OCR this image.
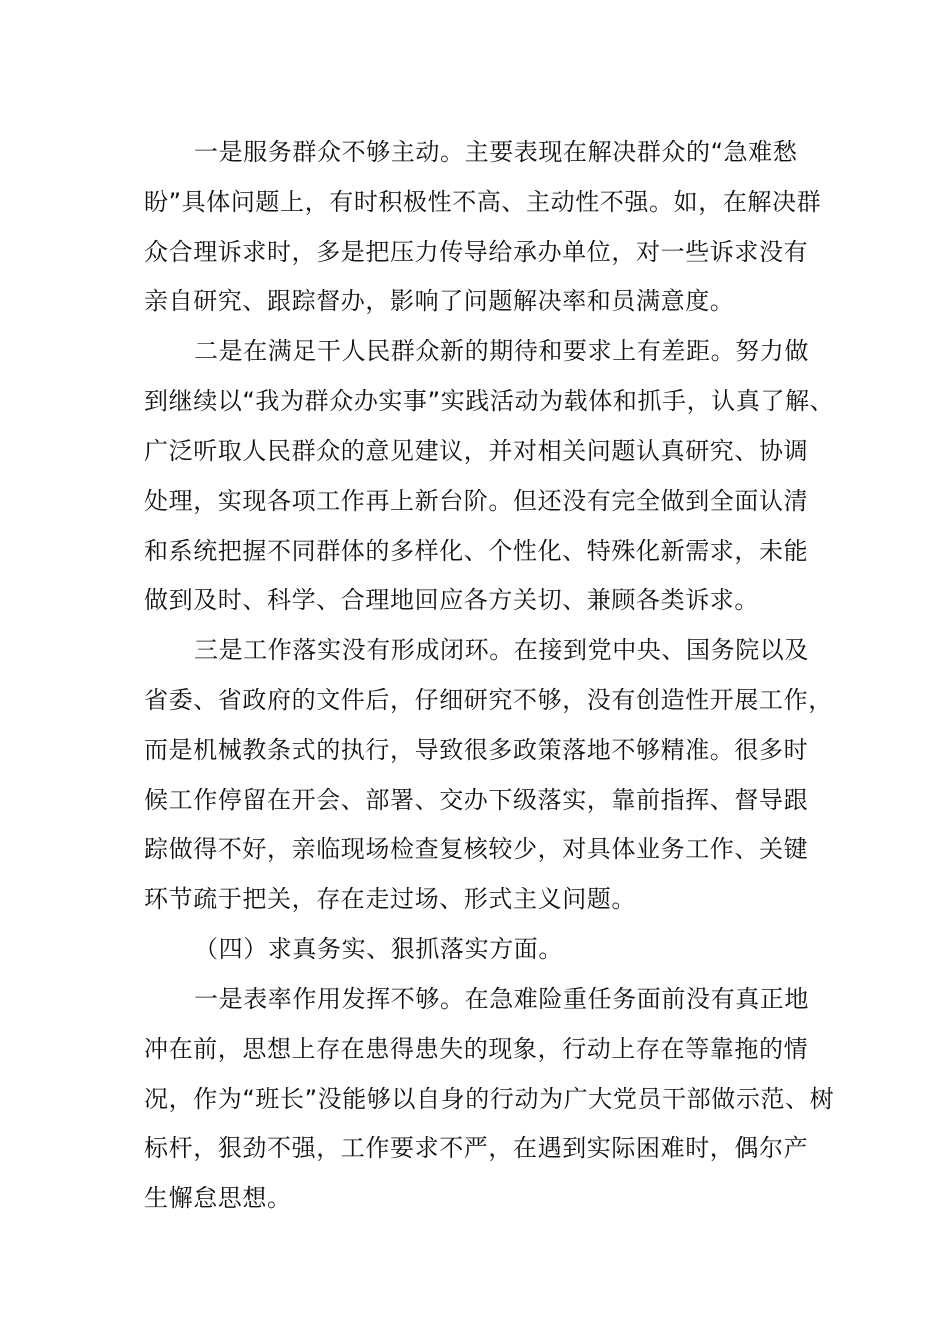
一是服务群众不够主动。主要表现在解决群众的“急难愁
盼”具体问题上，有时积极性不高、主动性不强。如，在解决群
众合理诉求时，多是把压力传导给承办单位，对一些诉求没有
亲自研究、跟踪督办，影响了问题解决率和员满意度。
二是在满足干人民群众新的期待和要求上有差距。努力做
到继续以“我为群众办实事”实践活动为载体和抓手，认真了解、
广泛听取人民群众的意见建议，并对相关问题认真研究、协调
处理，实现各项工作再上新台阶。但还没有完全做到全面认清
和系统把握不同群体的多样化、个性化、特殊化新需求，未能
做到及时、科学、合理地回应各方关切、兼顾各类诉求。
三是工作落实没有形成闭环。在接到党中央、国务院以及
省委、省政府的文件后，仔细研究不够，没有创造性开展工作，
而是机械教条式的执行，导致很多政策落地不够精准。很多时
候工作停留在开会、部署、交办下级落实，靠前指挥、督导跟
踪做得不好，亲临现场检查复核较少，对具体业务工作、关键
环节疏于把关，存在走过场、形式主义问题。
（四）求真务实、狠抓落实方面。
一是表率作用发挥不够。在急难险重任务面前没有真正地
冲在前，思想上存在患得患失的现象，行动上存在等靠拖的情
况，作为“班长”没能够以自身的行动为广大党员干部做示范、树
标杆，狠劲不强，工作要求不严，在遇到实际困难时，偶尔产
生懈怠思想。
